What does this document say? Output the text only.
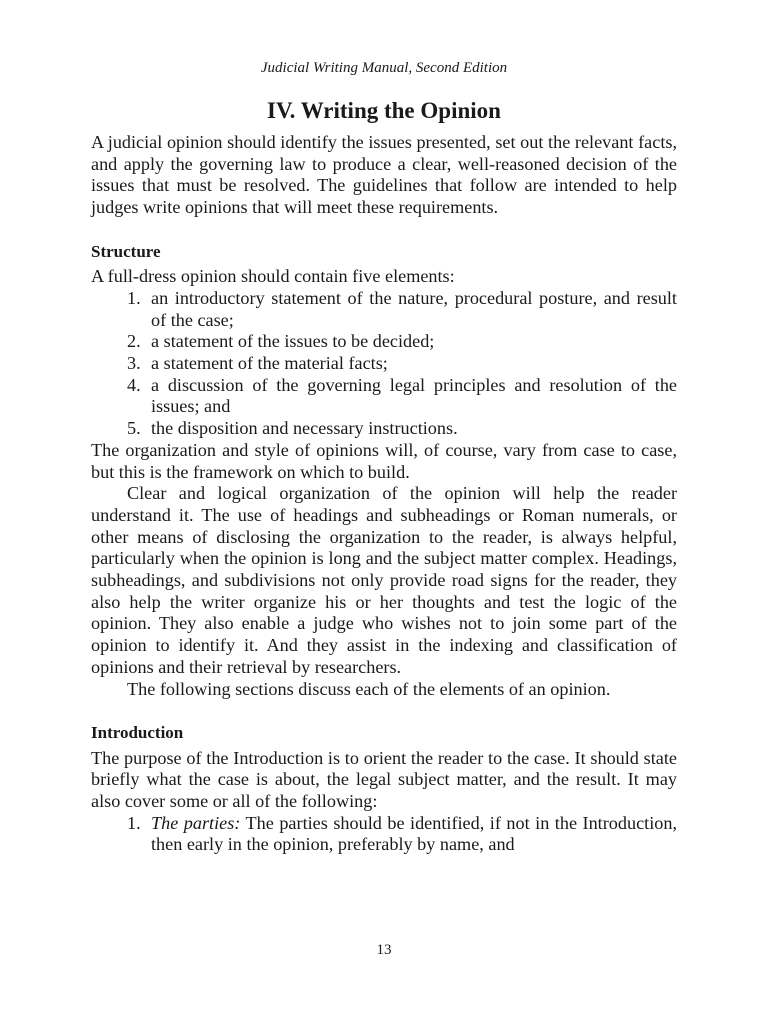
Judicial Writing Manual, Second Edition
IV. Writing the Opinion

A judicial opinion should identify the issues presented, set out the relevant facts, and apply the governing law to produce a clear, well-reasoned decision of the issues that must be resolved. The guidelines that follow are intended to help judges write opinions that will meet these requirements.

Structure

A full-dress opinion should contain five elements:

1. an introductory statement of the nature, procedural posture, and result of the case;
2. a statement of the issues to be decided;
3. a statement of the material facts;
4. a discussion of the governing legal principles and resolution of the issues; and
5. the disposition and necessary instructions.

The organization and style of opinions will, of course, vary from case to case, but this is the framework on which to build.

Clear and logical organization of the opinion will help the reader understand it. The use of headings and subheadings or Roman numerals, or other means of disclosing the organization to the reader, is always helpful, particularly when the opinion is long and the subject matter complex. Headings, subheadings, and subdivisions not only provide road signs for the reader, they also help the writer organize his or her thoughts and test the logic of the opinion. They also enable a judge who wishes not to join some part of the opinion to identify it. And they assist in the indexing and classification of opinions and their retrieval by researchers.

The following sections discuss each of the elements of an opinion.

Introduction

The purpose of the Introduction is to orient the reader to the case. It should state briefly what the case is about, the legal subject matter, and the result. It may also cover some or all of the following:

1. The parties: The parties should be identified, if not in the Introduction, then early in the opinion, preferably by name, and
13
